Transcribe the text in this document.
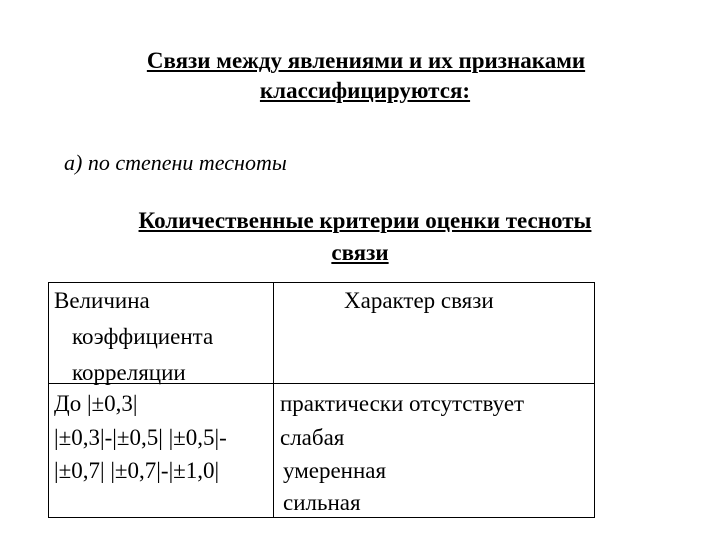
Связи между явлениями и их признаками
классифицируются:
а) по степени тесноты
Количественные критерии оценки тесноты
связи
Величина
коэффициента
корреляции
Характер связи
До |±0,3|	практически отсутствует
|±0,3|-|±0,5| |±0,5|- слабая
|±0,7| |±0,7|-|±1,0|	умеренная
сильная
